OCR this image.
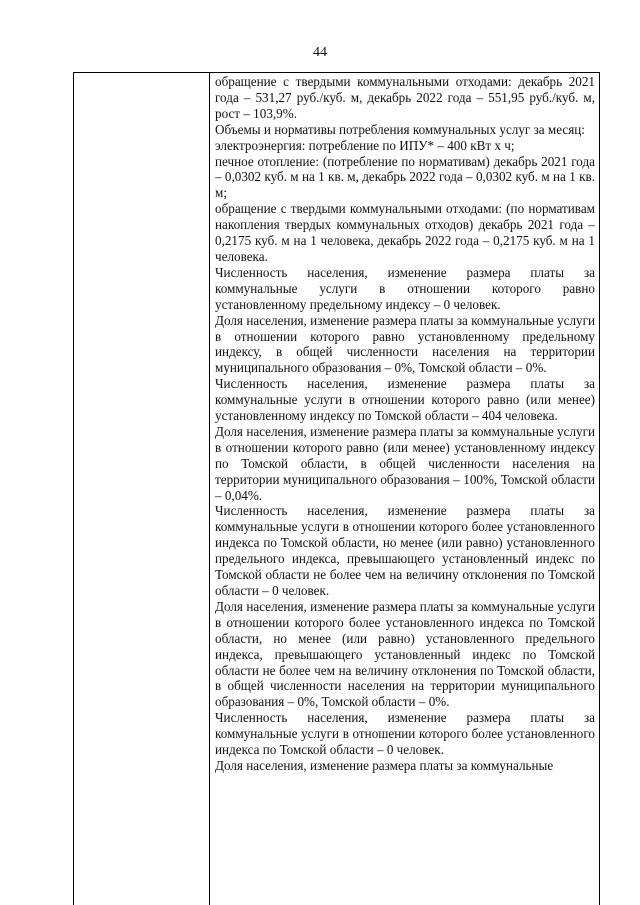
44

обращение с твердыми коммунальными отходами: декабрь 2021 года – 531,27 руб./куб. м, декабрь 2022 года – 551,95 руб./куб. м, рост – 103,9%.

Объемы и нормативы потребления коммунальных услуг за месяц:

электроэнергия: потребление по ИПУ* – 400 кВт х ч;

печное отопление: (потребление по нормативам) декабрь 2021 года – 0,0302 куб. м на 1 кв. м, декабрь 2022 года – 0,0302 куб. м на 1 кв. м;

обращение с твердыми коммунальными отходами: (по нормативам накопления твердых коммунальных отходов) декабрь 2021 года – 0,2175 куб. м на 1 человека, декабрь 2022 года – 0,2175 куб. м на 1 человека.

Численность населения, изменение размера платы за коммунальные услуги в отношении которого равно установленному предельному индексу – 0 человек.

Доля населения, изменение размера платы за коммунальные услуги в отношении которого равно установленному предельному индексу, в общей численности населения на территории муниципального образования – 0%, Томской области – 0%.

Численность населения, изменение размера платы за коммунальные услуги в отношении которого равно (или менее) установленному индексу по Томской области – 404 человека.

Доля населения, изменение размера платы за коммунальные услуги в отношении которого равно (или менее) установленному индексу по Томской области, в общей численности населения на территории муниципального образования – 100%, Томской области – 0,04%.

Численность населения, изменение размера платы за коммунальные услуги в отношении которого более установленного индекса по Томской области, но менее (или равно) установленного предельного индекса, превышающего установленный индекс по Томской области не более чем на величину отклонения по Томской области – 0 человек.

Доля населения, изменение размера платы за коммунальные услуги в отношении которого более установленного индекса по Томской области, но менее (или равно) установленного предельного индекса, превышающего установленный индекс по Томской области не более чем на величину отклонения по Томской области, в общей численности населения на территории муниципального образования – 0%, Томской области – 0%.

Численность населения, изменение размера платы за коммунальные услуги в отношении которого более установленного индекса по Томской области – 0 человек.

Доля населения, изменение размера платы за коммунальные
